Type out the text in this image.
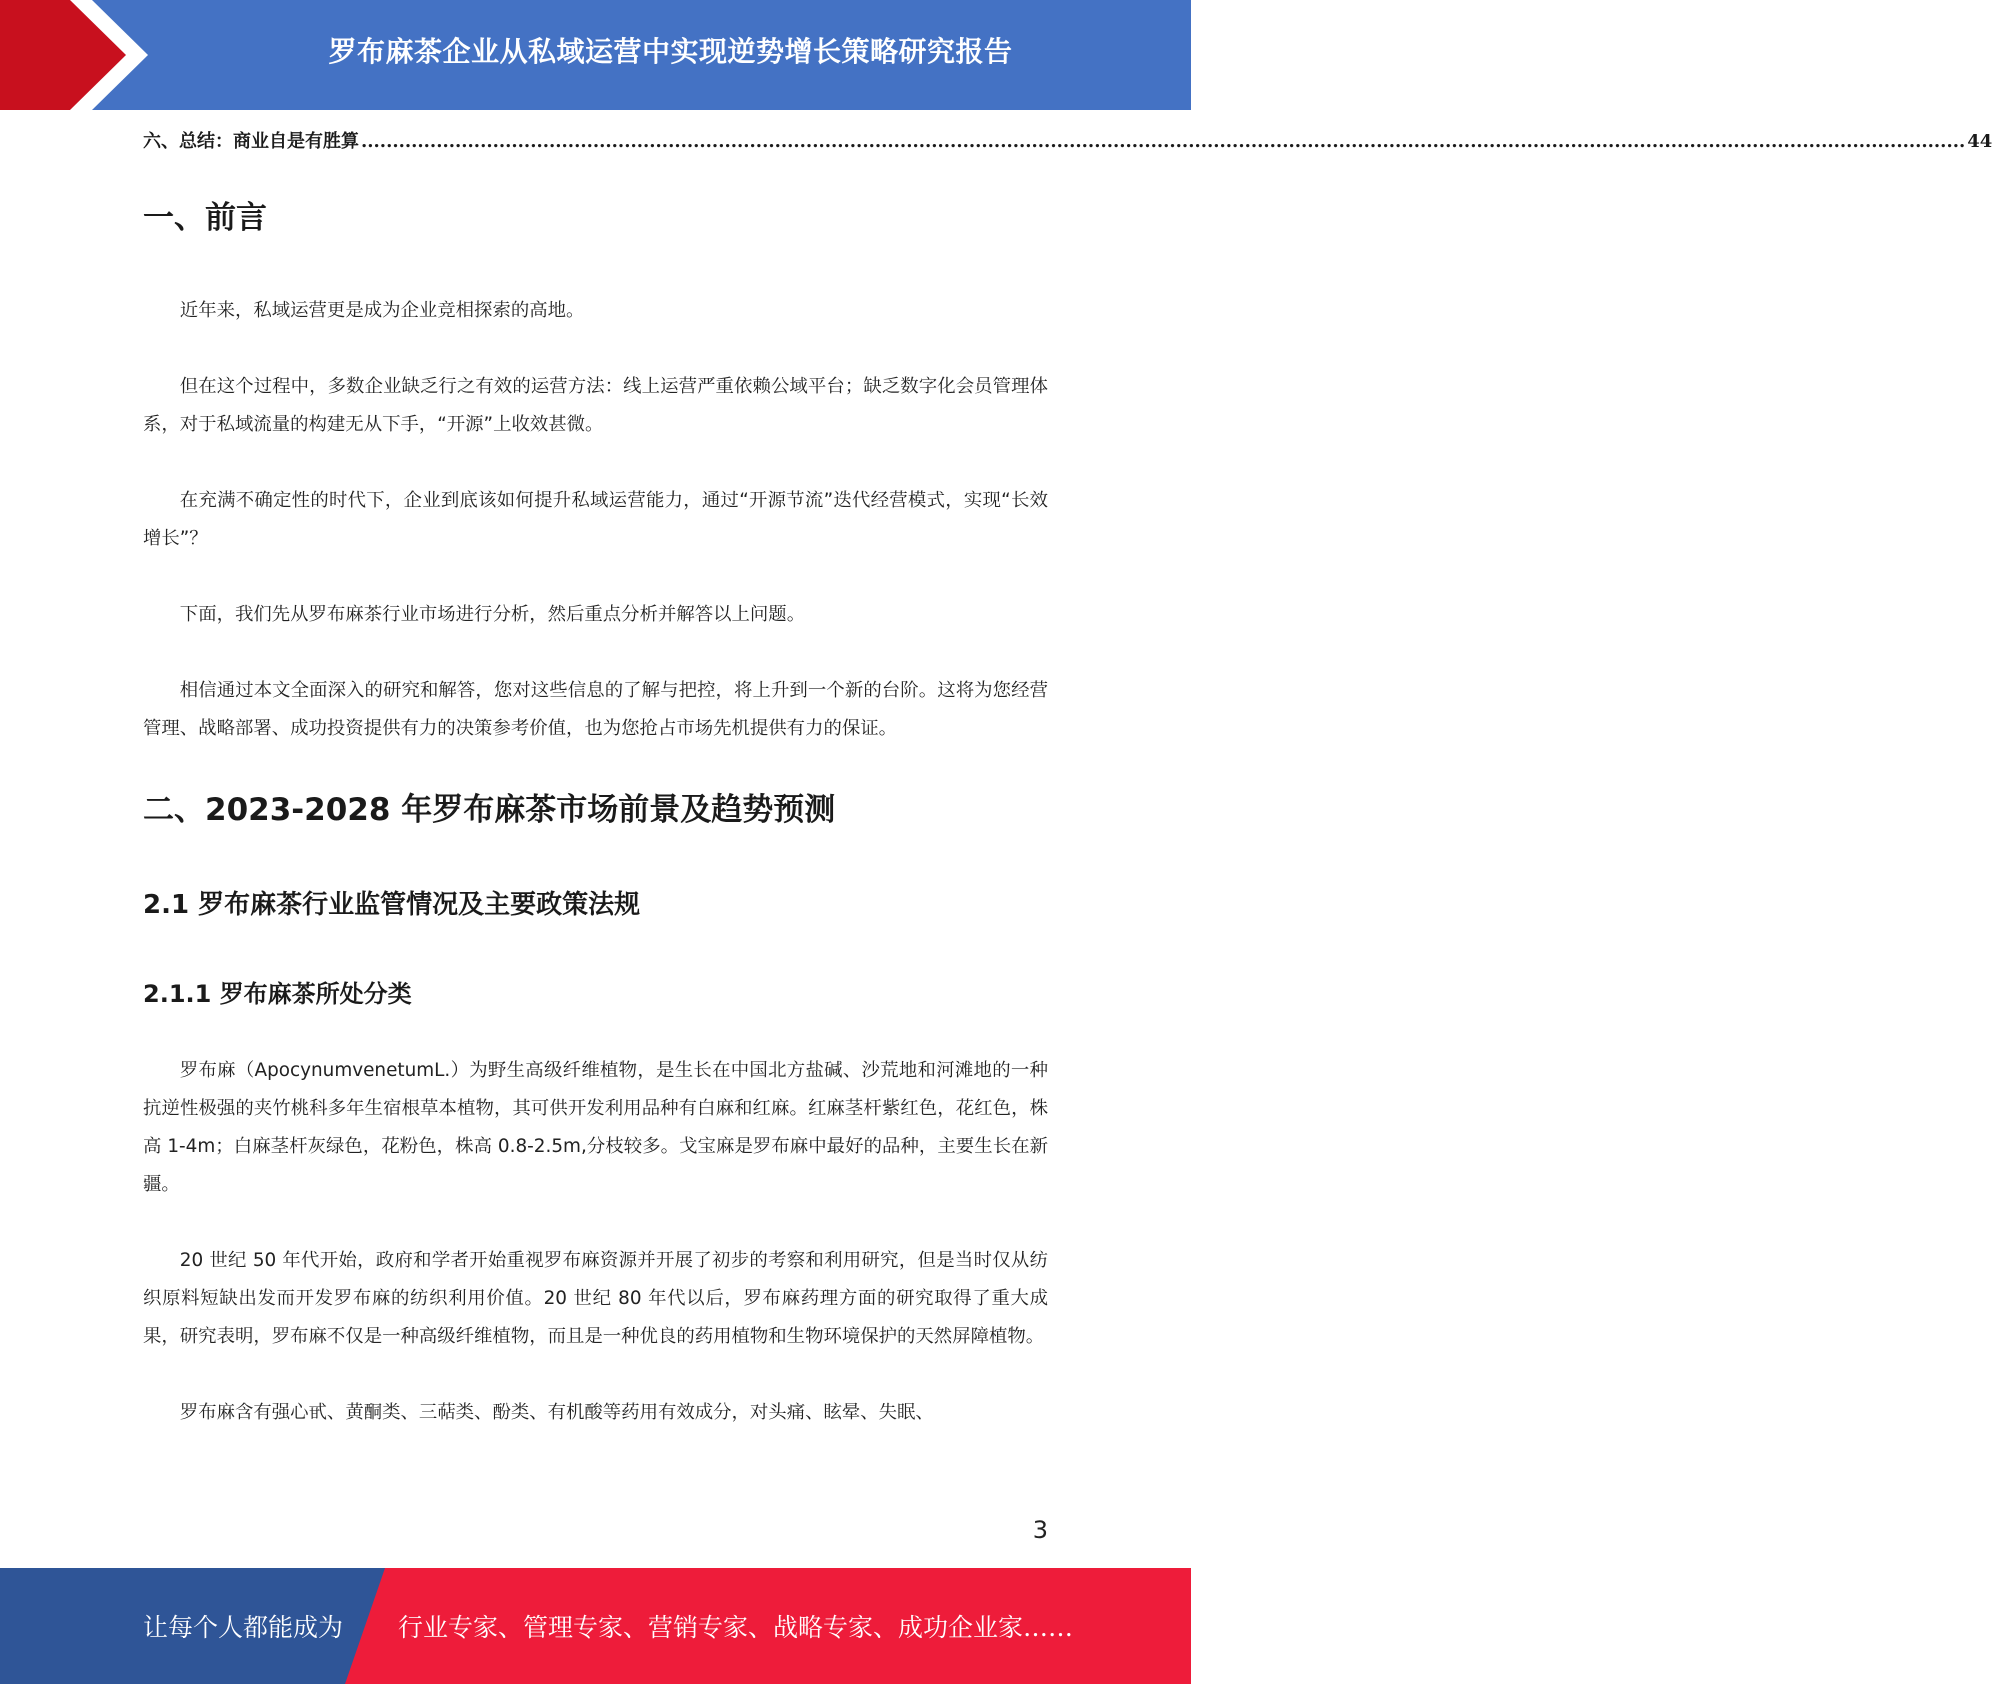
罗布麻茶企业从私域运营中实现逆势增长策略研究报告
六、总结：商业自是有胜算 ................................................................................................................................................................................................................................................................ 44
一、前言

近年来，私域运营更是成为企业竞相探索的高地。

但在这个过程中，多数企业缺乏行之有效的运营方法：线上运营严重依赖公域平台；缺乏数字化会员管理体系，对于私域流量的构建无从下手，“开源”上收效甚微。

在充满不确定性的时代下，企业到底该如何提升私域运营能力，通过“开源节流”迭代经营模式，实现“长效增长”？

下面，我们先从罗布麻茶行业市场进行分析，然后重点分析并解答以上问题。

相信通过本文全面深入的研究和解答，您对这些信息的了解与把控，将上升到一个新的台阶。这将为您经营管理、战略部署、成功投资提供有力的决策参考价值，也为您抢占市场先机提供有力的保证。

二、2023-2028 年罗布麻茶市场前景及趋势预测
2.1 罗布麻茶行业监管情况及主要政策法规
2.1.1 罗布麻茶所处分类

罗布麻（ApocynumvenetumL.）为野生高级纤维植物，是生长在中国北方盐碱、沙荒地和河滩地的一种抗逆性极强的夹竹桃科多年生宿根草本植物，其可供开发利用品种有白麻和红麻。红麻茎杆紫红色，花红色，株高 1-4m；白麻茎杆灰绿色，花粉色，株高 0.8-2.5m,分枝较多。戈宝麻是罗布麻中最好的品种，主要生长在新疆。

20 世纪 50 年代开始，政府和学者开始重视罗布麻资源并开展了初步的考察和利用研究，但是当时仅从纺织原料短缺出发而开发罗布麻的纺织利用价值。20 世纪 80 年代以后，罗布麻药理方面的研究取得了重大成果，研究表明，罗布麻不仅是一种高级纤维植物，而且是一种优良的药用植物和生物环境保护的天然屏障植物。

罗布麻含有强心甙、黄酮类、三萜类、酚类、有机酸等药用有效成分，对头痛、眩晕、失眠、

3
让每个人都能成为 行业专家、管理专家、营销专家、战略专家、成功企业家……
